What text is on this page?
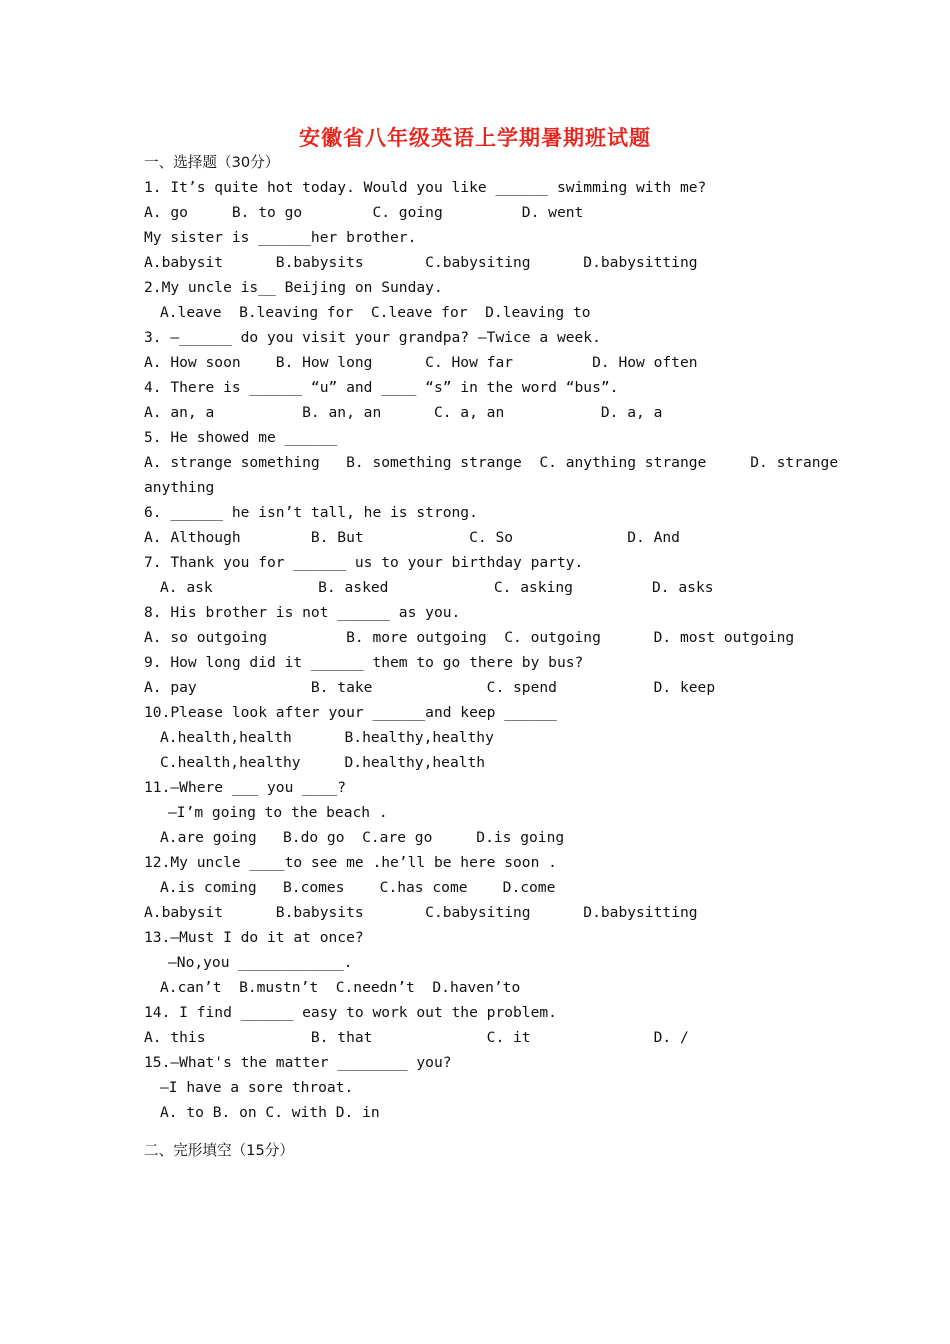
安徽省八年级英语上学期暑期班试题
一、选择题（30分）
1. It’s quite hot today. Would you like ______ swimming with me?
A. go     B. to go        C. going         D. went
My sister is ______her brother.
A.babysit      B.babysits       C.babysiting      D.babysitting
2.My uncle is__ Beijing on Sunday.
A.leave  B.leaving for  C.leave for  D.leaving to
3. —______ do you visit your grandpa? —Twice a week.
A. How soon    B. How long      C. How far         D. How often
4. There is ______ “u” and ____ “s” in the word “bus”.
A. an, a          B. an, an      C. a, an           D. a, a
5. He showed me ______
A. strange something   B. something strange  C. anything strange     D. strange
anything
6. ______ he isn’t tall, he is strong.
A. Although        B. But            C. So             D. And
7. Thank you for ______ us to your birthday party.
A. ask            B. asked            C. asking         D. asks
8. His brother is not ______ as you.
A. so outgoing         B. more outgoing  C. outgoing      D. most outgoing
9. How long did it ______ them to go there by bus?
A. pay             B. take             C. spend           D. keep
10.Please look after your ______and keep ______
A.health,health      B.healthy,healthy
C.health,healthy     D.healthy,health
11.—Where ___ you ____?
—I’m going to the beach .
A.are going   B.do go  C.are go     D.is going
12.My uncle ____to see me .he’ll be here soon .
A.is coming   B.comes    C.has come    D.come
A.babysit      B.babysits       C.babysiting      D.babysitting
13.—Must I do it at once?
—No,you ____________.
A.can’t  B.mustn’t  C.needn’t  D.haven’to
14. I find ______ easy to work out the problem.
A. this            B. that             C. it              D. /
15.—What's the matter ________ you?
—I have a sore throat.
A. to B. on C. with D. in
二、完形填空（15分）
